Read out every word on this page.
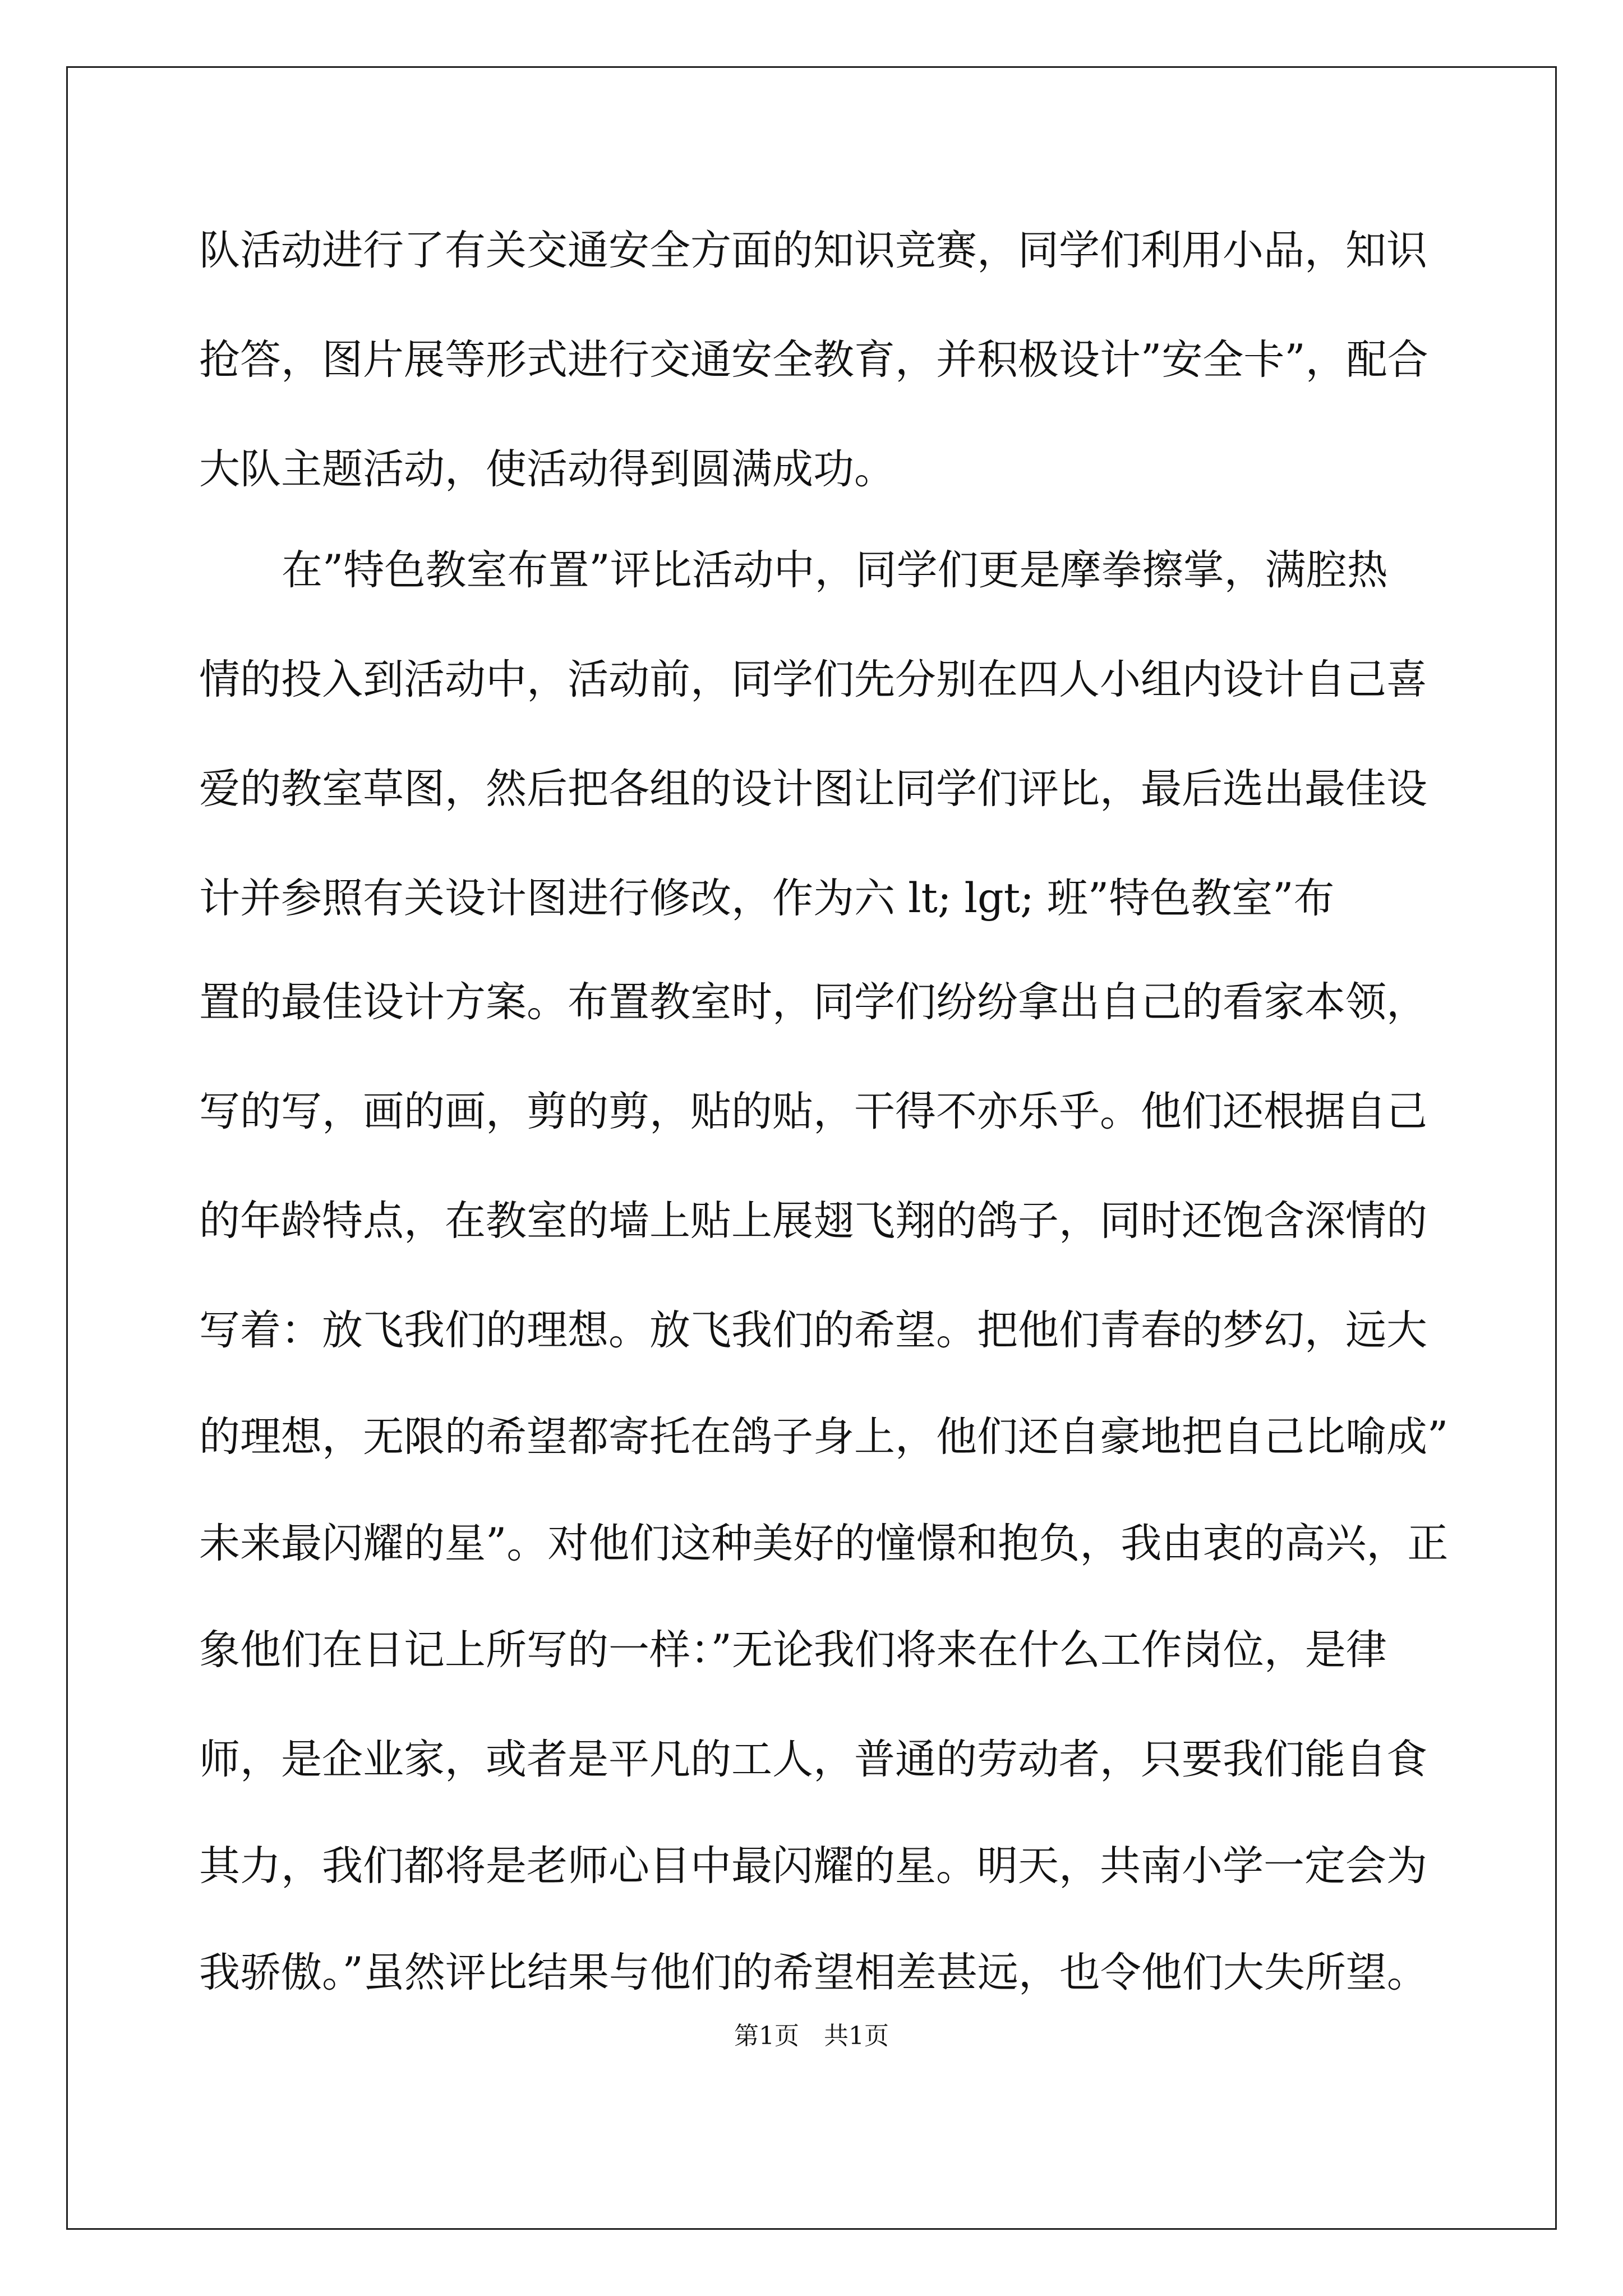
队活动进行了有关交通安全方面的知识竞赛，同学们利用小品，知识
抢答，图片展等形式进行交通安全教育，并积极设计”安全卡”，配合
大队主题活动，使活动得到圆满成功。
在”特色教室布置”评比活动中，同学们更是摩拳擦掌，满腔热
情的投入到活动中，活动前，同学们先分别在四人小组内设计自己喜
爱的教室草图，然后把各组的设计图让同学们评比，最后选出最佳设
计并参照有关设计图进行修改，作为六 lt; lgt; 班”特色教室”布
置的最佳设计方案。布置教室时，同学们纷纷拿出自己的看家本领，
写的写，画的画，剪的剪，贴的贴，干得不亦乐乎。他们还根据自己
的年龄特点，在教室的墙上贴上展翅飞翔的鸽子，同时还饱含深情的
写着：放飞我们的理想。放飞我们的希望。把他们青春的梦幻，远大
的理想，无限的希望都寄托在鸽子身上，他们还自豪地把自己比喻成”
未来最闪耀的星”。对他们这种美好的憧憬和抱负，我由衷的高兴，正
象他们在日记上所写的一样：”无论我们将来在什么工作岗位，是律
师，是企业家，或者是平凡的工人，普通的劳动者，只要我们能自食
其力，我们都将是老师心目中最闪耀的星。明天，共南小学一定会为
我骄傲。”虽然评比结果与他们的希望相差甚远，也令他们大失所望。
第1页　共1页
